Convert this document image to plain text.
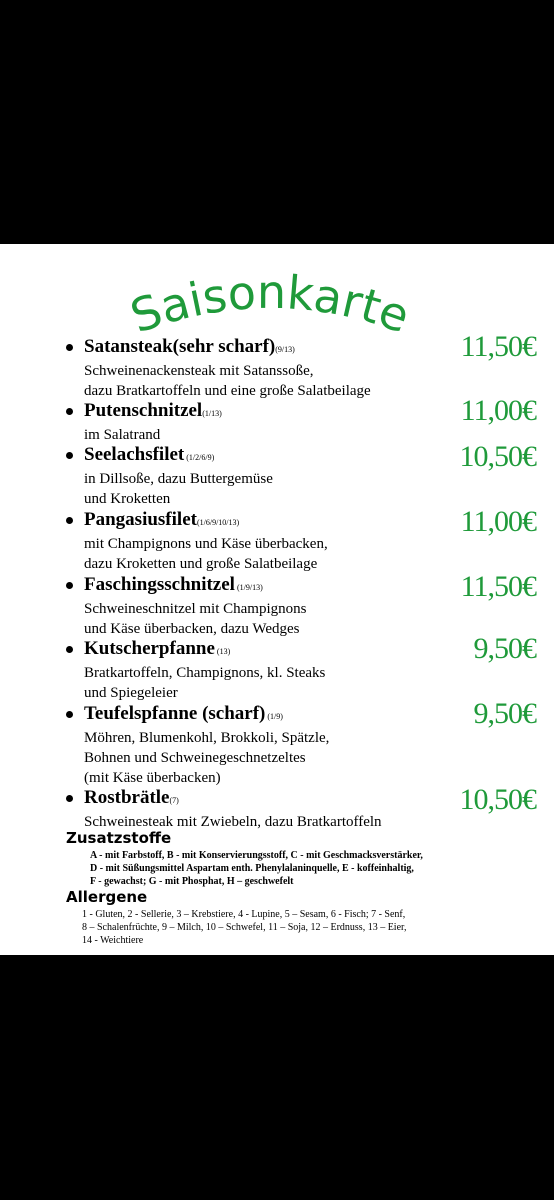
Saisonkarte
Satansteak(sehr scharf)(9/13)
Schweinenackensteak mit Satanssoße,
dazu Bratkartoffeln und eine große Salatbeilage
11,50€
Putenschnitzel(1/13)
im Salatrand
11,00€
Seelachsfilet (1/2/6/9)
in Dillsoße, dazu Buttergemüse
und Kroketten
10,50€
Pangasiusfilet(1/6/9/10/13)
mit Champignons und Käse überbacken,
dazu Kroketten und große Salatbeilage
11,00€
Faschingsschnitzel (1/9/13)
Schweineschnitzel mit Champignons
und Käse überbacken, dazu Wedges
11,50€
Kutscherpfanne (13)
Bratkartoffeln, Champignons, kl. Steaks
und Spiegeleier
9,50€
Teufelspfanne (scharf) (1/9)
Möhren, Blumenkohl, Brokkoli, Spätzle,
Bohnen und Schweinegeschnetzeltes
(mit Käse überbacken)
9,50€
Rostbrätle(7)
Schweinesteak mit Zwiebeln, dazu Bratkartoffeln
10,50€
Zusatzstoffe
A - mit Farbstoff, B - mit Konservierungsstoff, C - mit Geschmacksverstärker,
D - mit Süßungsmittel Aspartam enth. Phenylalaninquelle, E - koffeinhaltig,
F - gewachst; G - mit Phosphat, H – geschwefelt
Allergene
1 - Gluten, 2 - Sellerie, 3 – Krebstiere, 4 - Lupine, 5 – Sesam, 6 - Fisch; 7 - Senf,
8 – Schalenfrüchte, 9 – Milch, 10 – Schwefel, 11 – Soja, 12 – Erdnuss, 13 – Eier,
14 - Weichtiere
